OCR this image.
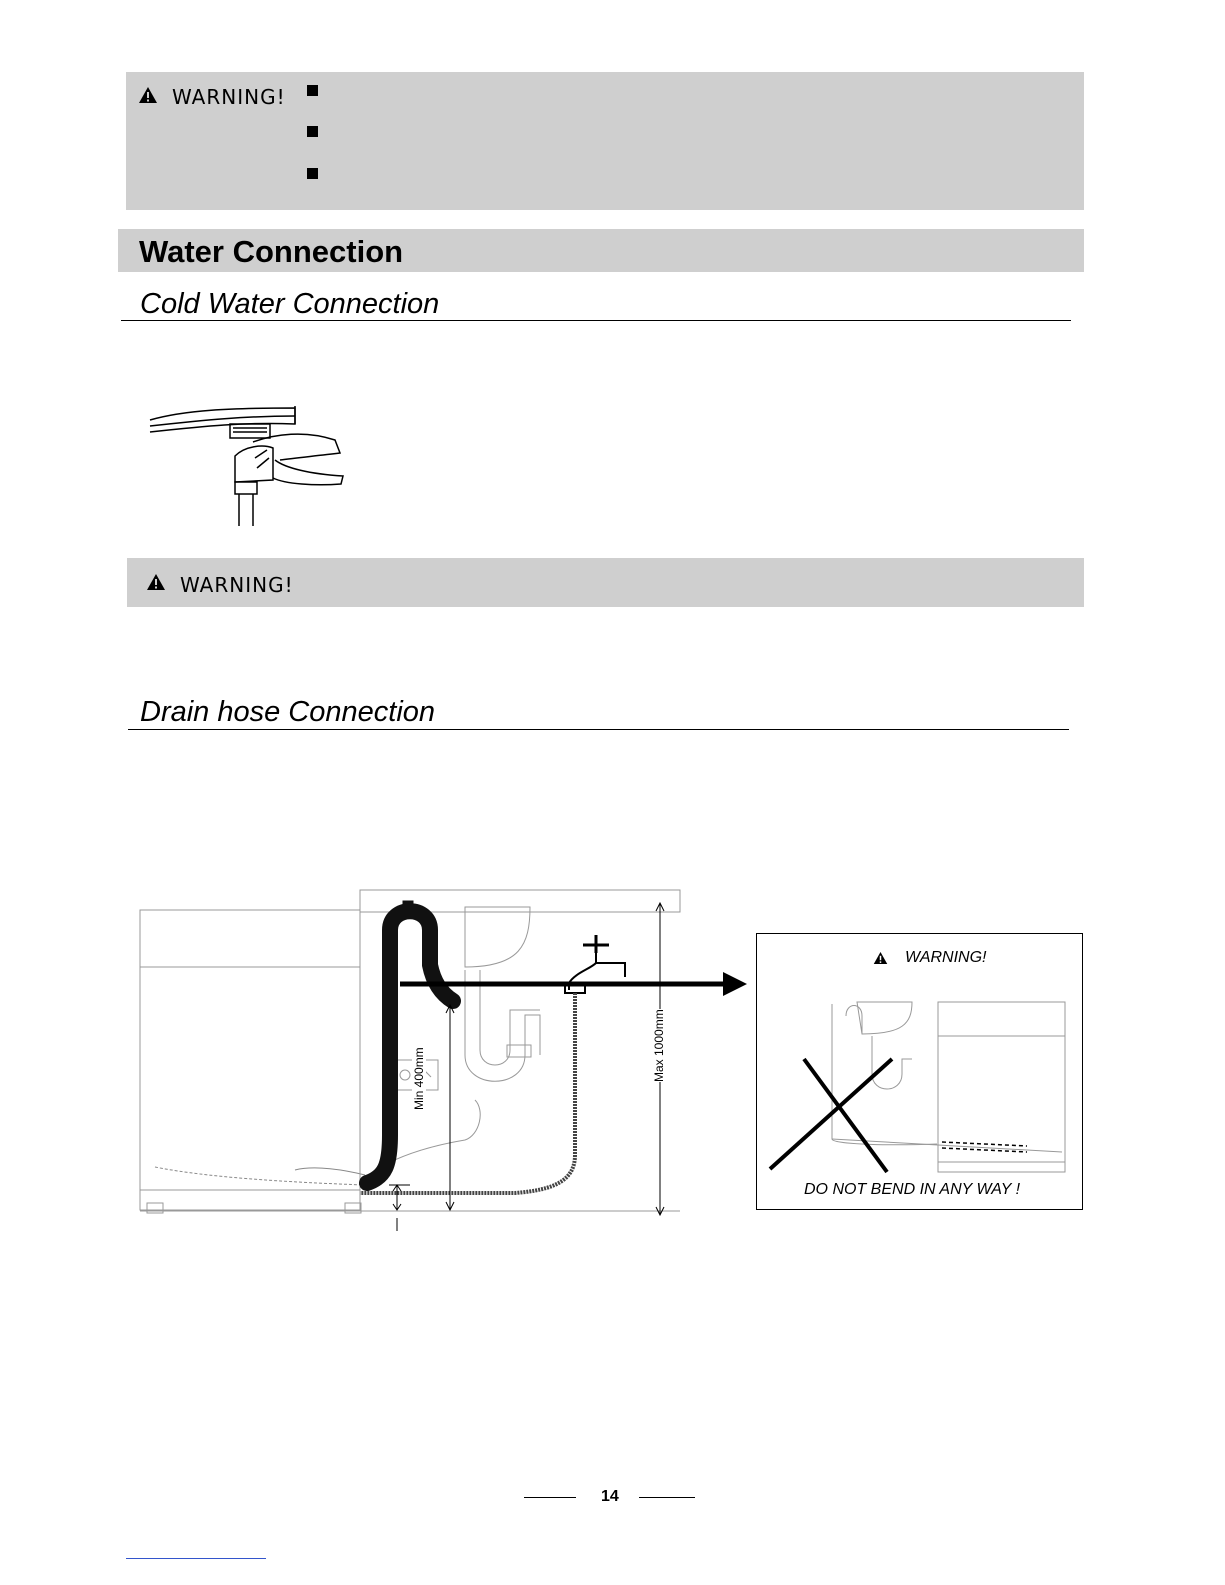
WARNING!
Water Connection
Cold Water Connection
WARNING!
Drain hose Connection
Min 400mm	Max 1000mm
WARNING!
DO NOT BEND IN ANY WAY !
14
